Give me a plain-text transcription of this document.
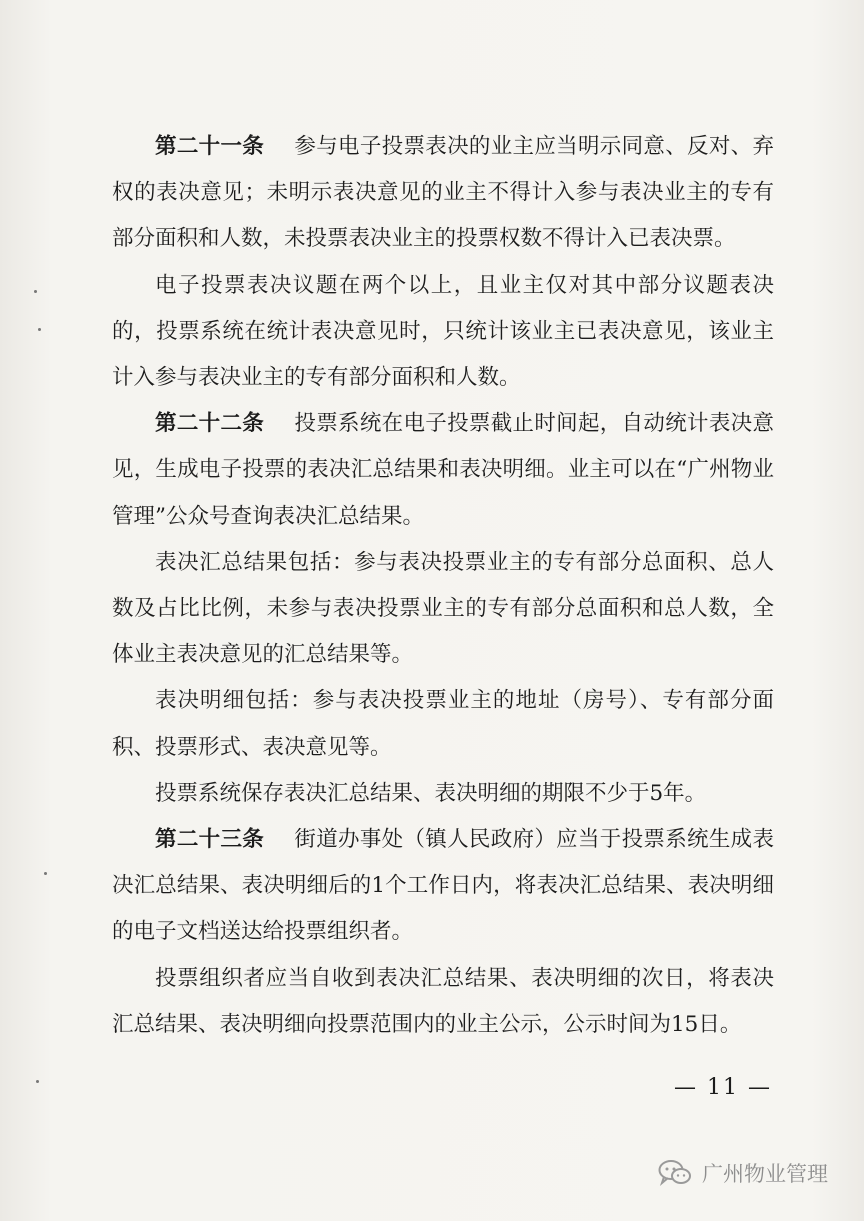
第二十一条 参与电子投票表决的业主应当明示同意、反对、弃权的表决意见；未明示表决意见的业主不得计入参与表决业主的专有部分面积和人数，未投票表决业主的投票权数不得计入已表决票。

电子投票表决议题在两个以上，且业主仅对其中部分议题表决的，投票系统在统计表决意见时，只统计该业主已表决意见，该业主计入参与表决业主的专有部分面积和人数。

第二十二条 投票系统在电子投票截止时间起，自动统计表决意见，生成电子投票的表决汇总结果和表决明细。业主可以在“广州物业管理”公众号查询表决汇总结果。

表决汇总结果包括：参与表决投票业主的专有部分总面积、总人数及占比比例，未参与表决投票业主的专有部分总面积和总人数，全体业主表决意见的汇总结果等。

表决明细包括：参与表决投票业主的地址（房号）、专有部分面积、投票形式、表决意见等。

投票系统保存表决汇总结果、表决明细的期限不少于5年。

第二十三条 街道办事处（镇人民政府）应当于投票系统生成表决汇总结果、表决明细后的1个工作日内，将表决汇总结果、表决明细的电子文档送达给投票组织者。

投票组织者应当自收到表决汇总结果、表决明细的次日，将表决汇总结果、表决明细向投票范围内的业主公示，公示时间为15日。

— 11 —
广州物业管理
